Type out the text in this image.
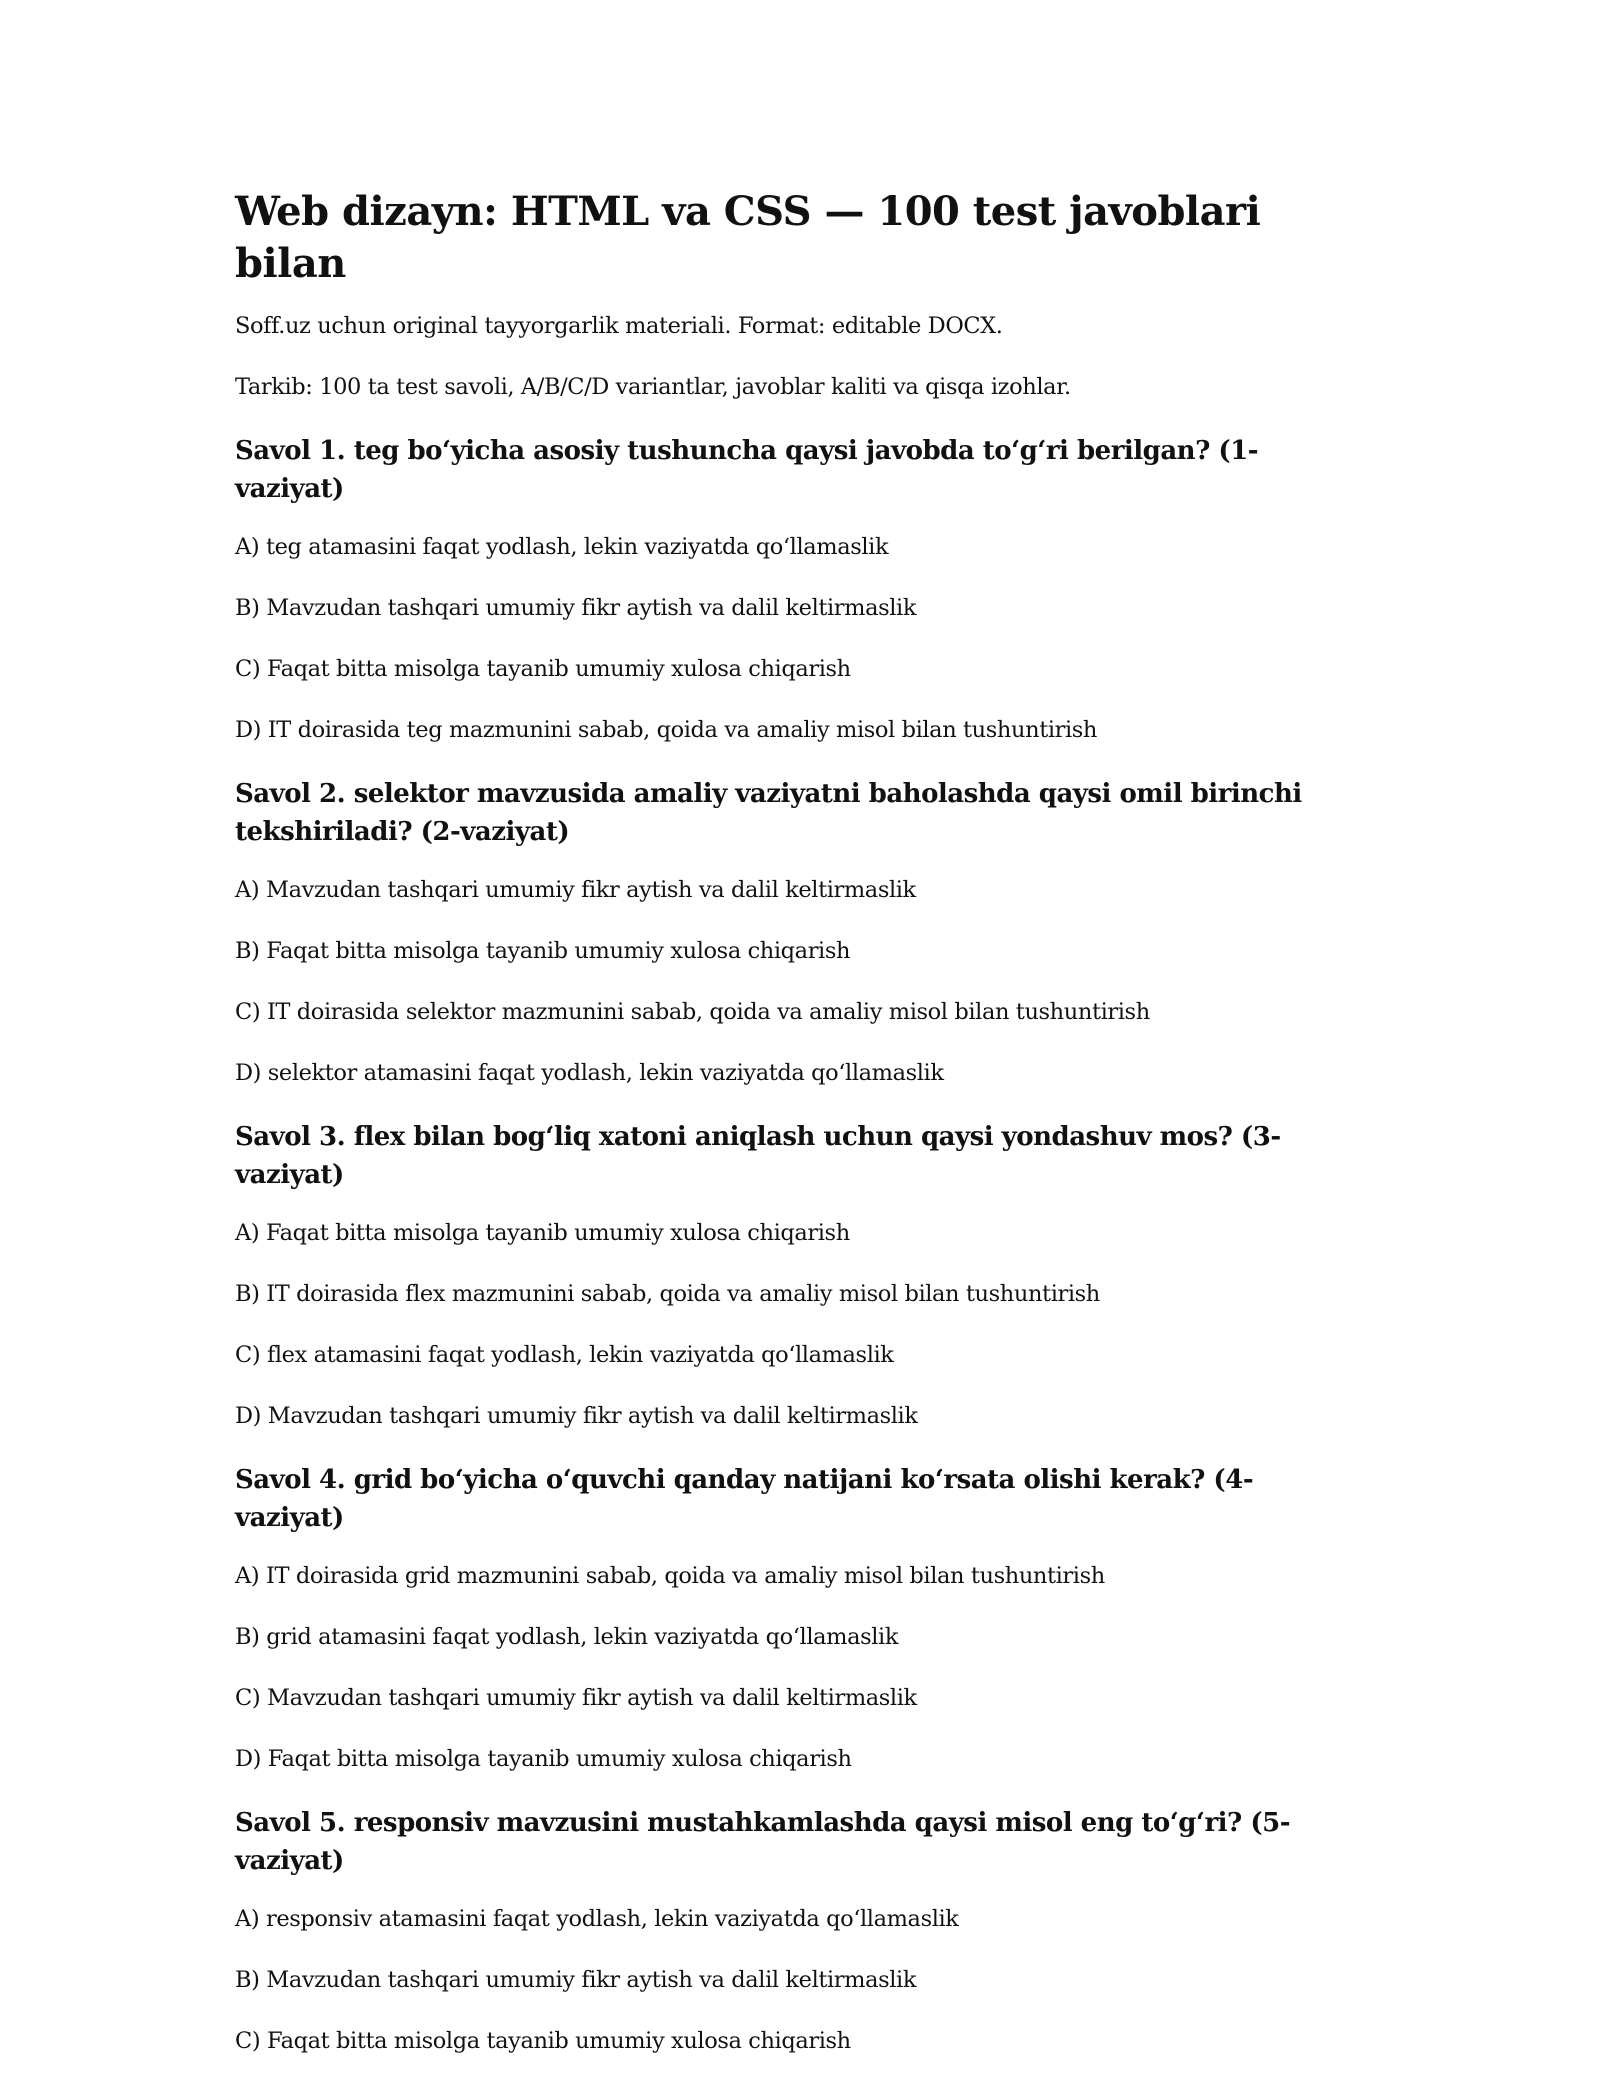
Web dizayn: HTML va CSS — 100 test javoblari bilan

Soff.uz uchun original tayyorgarlik materiali. Format: editable DOCX.

Tarkib: 100 ta test savoli, A/B/C/D variantlar, javoblar kaliti va qisqa izohlar.

Savol 1. teg bo‘yicha asosiy tushuncha qaysi javobda to‘g‘ri berilgan? (1-vaziyat)

A) teg atamasini faqat yodlash, lekin vaziyatda qo‘llamaslik

B) Mavzudan tashqari umumiy fikr aytish va dalil keltirmaslik

C) Faqat bitta misolga tayanib umumiy xulosa chiqarish

D) IT doirasida teg mazmunini sabab, qoida va amaliy misol bilan tushuntirish

Savol 2. selektor mavzusida amaliy vaziyatni baholashda qaysi omil birinchi tekshiriladi? (2-vaziyat)

A) Mavzudan tashqari umumiy fikr aytish va dalil keltirmaslik

B) Faqat bitta misolga tayanib umumiy xulosa chiqarish

C) IT doirasida selektor mazmunini sabab, qoida va amaliy misol bilan tushuntirish

D) selektor atamasini faqat yodlash, lekin vaziyatda qo‘llamaslik

Savol 3. flex bilan bog‘liq xatoni aniqlash uchun qaysi yondashuv mos? (3-vaziyat)

A) Faqat bitta misolga tayanib umumiy xulosa chiqarish

B) IT doirasida flex mazmunini sabab, qoida va amaliy misol bilan tushuntirish

C) flex atamasini faqat yodlash, lekin vaziyatda qo‘llamaslik

D) Mavzudan tashqari umumiy fikr aytish va dalil keltirmaslik

Savol 4. grid bo‘yicha o‘quvchi qanday natijani ko‘rsata olishi kerak? (4-vaziyat)

A) IT doirasida grid mazmunini sabab, qoida va amaliy misol bilan tushuntirish

B) grid atamasini faqat yodlash, lekin vaziyatda qo‘llamaslik

C) Mavzudan tashqari umumiy fikr aytish va dalil keltirmaslik

D) Faqat bitta misolga tayanib umumiy xulosa chiqarish

Savol 5. responsiv mavzusini mustahkamlashda qaysi misol eng to‘g‘ri? (5-vaziyat)

A) responsiv atamasini faqat yodlash, lekin vaziyatda qo‘llamaslik

B) Mavzudan tashqari umumiy fikr aytish va dalil keltirmaslik

C) Faqat bitta misolga tayanib umumiy xulosa chiqarish
